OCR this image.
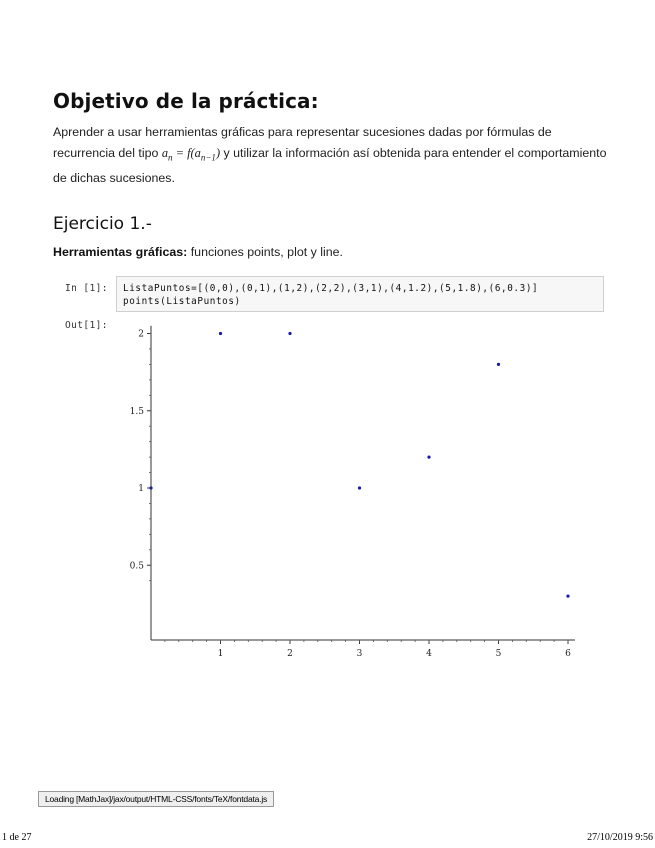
Objetivo de la práctica:
Aprender a usar herramientas gráficas para representar sucesiones dadas por fórmulas de recurrencia del tipo $a_n = f(a_{n-1})$ y utilizar la información así obtenida para entender el comportamiento de dichas sucesiones.
Ejercicio 1.-
Herramientas gráficas: funciones points, plot y line.
In [1]: ListaPuntos=[(0,0),(0,1),(1,2),(2,2),(3,1),(4,1.2),(5,1.8),(6,0.3)]
points(ListaPuntos)
Out[1]:
0.5
1
1.5
2
1	2	3	4	5	6
Loading [MathJax]/jax/output/HTML-CSS/fonts/TeX/fontdata.js
1 de 27	27/10/2019 9:56
